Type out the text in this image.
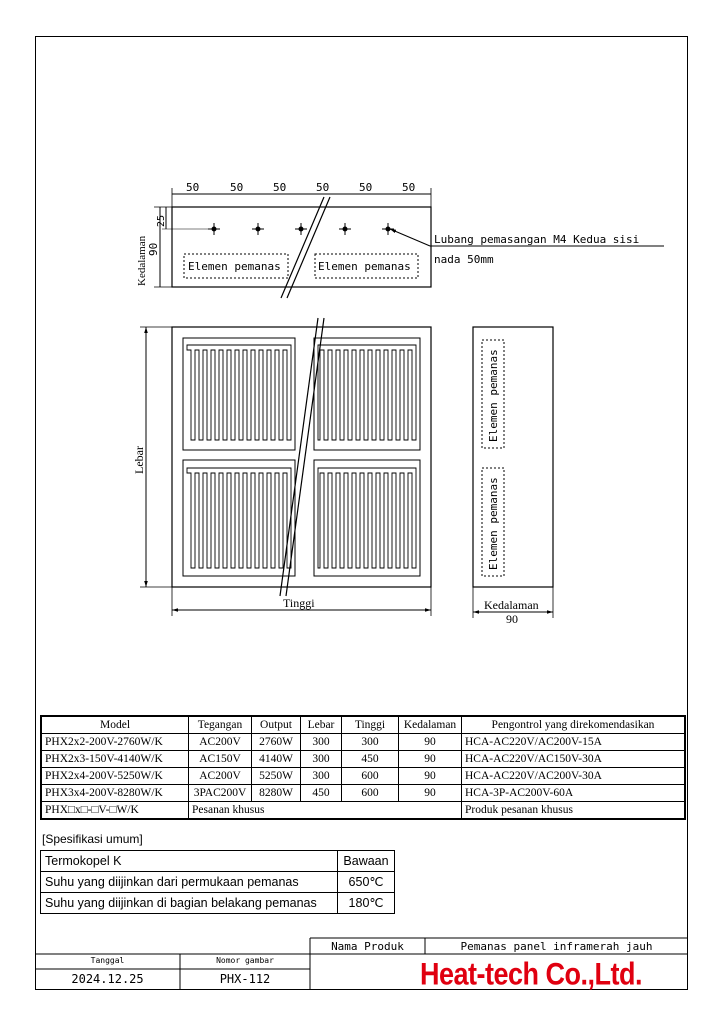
50	50	50	50	50	50
Kedalaman 90
25
Elemen pemanas	Elemen pemanas
Lubang pemasangan M4 Kedua sisi
nada 50mm
Lebar
Tinggi
Elemen pemanas
Elemen pemanas
Kedalaman
90
Model	Tegangan	Output	Lebar	Tinggi	Kedalaman	Pengontrol yang direkomendasikan
PHX2x2-200V-2760W/K	AC200V	2760W	300	300	90	HCA-AC220V/AC200V-15A
PHX2x3-150V-4140W/K	AC150V	4140W	300	450	90	HCA-AC220V/AC150V-30A
PHX2x4-200V-5250W/K	AC200V	5250W	300	600	90	HCA-AC220V/AC200V-30A
PHX3x4-200V-8280W/K	3PAC200V	8280W	450	600	90	HCA-3P-AC200V-60A
PHX□x□-□V-□W/K	Pesanan khusus					Produk pesanan khusus
[Spesifikasi umum]
Termokopel K	Bawaan
Suhu yang diijinkan dari permukaan pemanas	650℃
Suhu yang diijinkan di bagian belakang pemanas	180℃
Tanggal
2024.12.25
Nomor gambar
PHX-112
Nama Produk	Pemanas panel inframerah jauh
Heat-tech Co.,Ltd.
